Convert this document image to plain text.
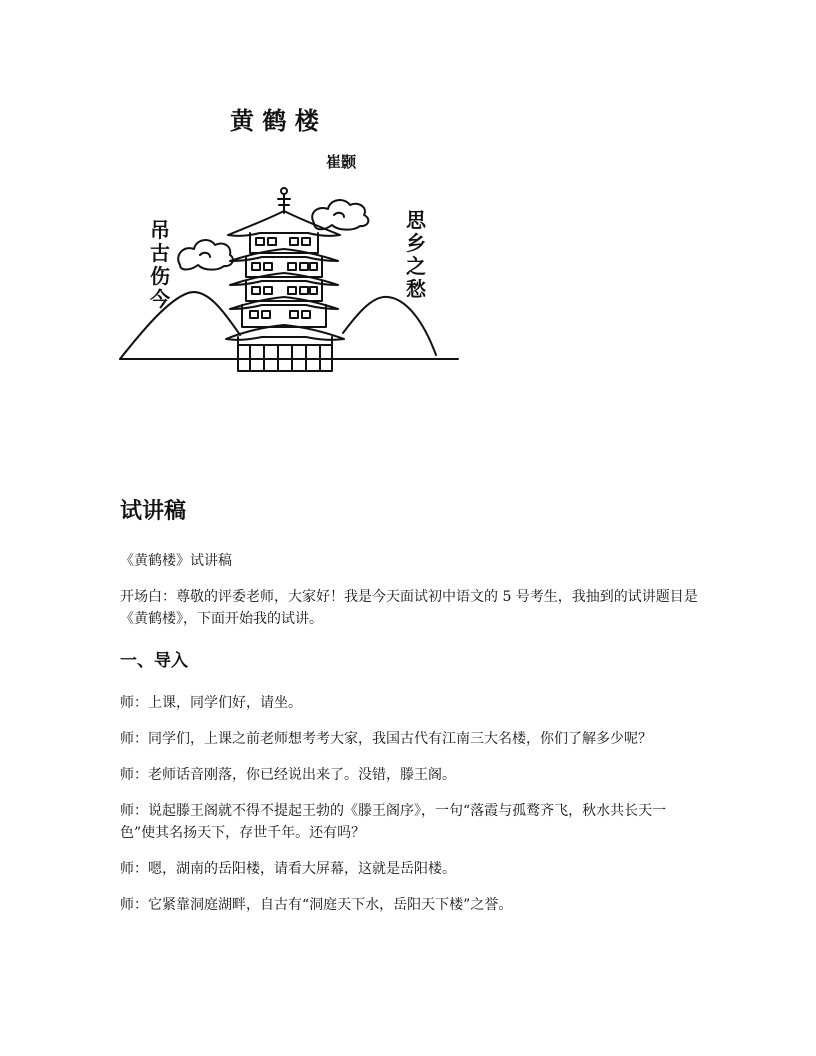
黄 鹤 楼
崔颢
吊
古
伤
今
思
乡
之
愁
试讲稿

《黄鹤楼》试讲稿

开场白：尊敬的评委老师，大家好！我是今天面试初中语文的 5 号考生，我抽到的试讲题目是《黄鹤楼》，下面开始我的试讲。

一、导入

师：上课，同学们好，请坐。

师：同学们，上课之前老师想考考大家，我国古代有江南三大名楼，你们了解多少呢？

师：老师话音刚落，你已经说出来了。没错，滕王阁。

师：说起滕王阁就不得不提起王勃的《滕王阁序》，一句“落霞与孤鹜齐飞，秋水共长天一色”使其名扬天下，存世千年。还有吗？

师：嗯，湖南的岳阳楼，请看大屏幕，这就是岳阳楼。

师：它紧靠洞庭湖畔，自古有“洞庭天下水，岳阳天下楼”之誉。
